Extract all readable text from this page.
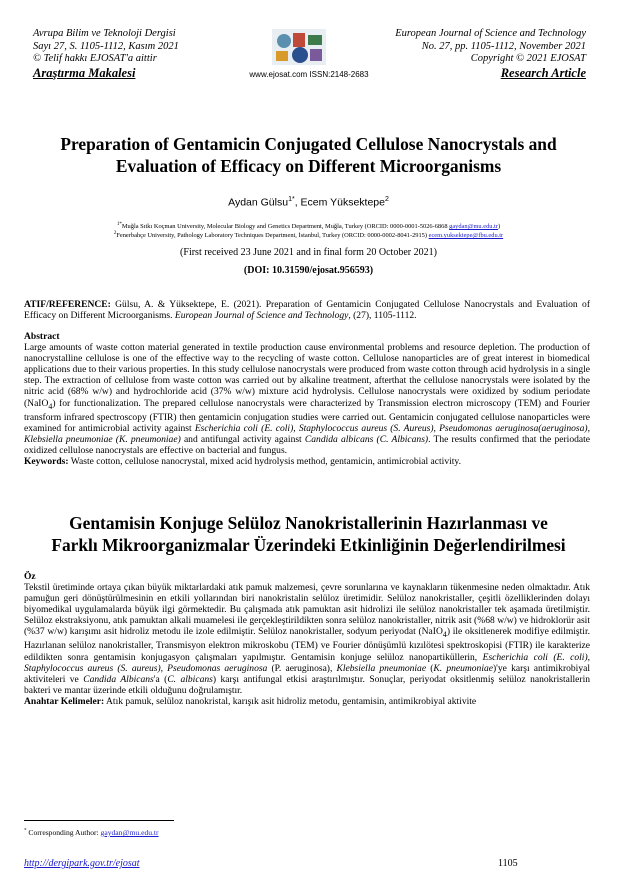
Avrupa Bilim ve Teknoloji Dergisi
Sayı 27, S. 1105-1112, Kasım 2021
© Telif hakkı EJOSAT'a aittir
Araştırma Makalesi
European Journal of Science and Technology
No. 27, pp. 1105-1112, November 2021
Copyright © 2021 EJOSAT
Research Article
www.ejosat.com ISSN:2148-2683
Preparation of Gentamicin Conjugated Cellulose Nanocrystals and
Evaluation of Efficacy on Different Microorganisms
Aydan Gülsu$^{1*}$, Ecem Yüksektepe$^2$
$^{1*}$Muğla Sıtkı Koçman University, Molecular Biology and Genetics Department, Muğla, Turkey (ORCID: 0000-0001-5026-6868 gaydan@mu.edu.tr)
$^2$Fenerbahçe University, Pathology Laboratory Techniques Department, İstanbul, Turkey (ORCID: 0000-0002-8041-2915) ecem.yuksektepe@fbu.edu.tr
(First received 23 June 2021 and in final form 20 October 2021)
(DOI: 10.31590/ejosat.956593)
ATIF/REFERENCE: Gülsu, A. & Yüksektepe, E. (2021). Preparation of Gentamicin Conjugated Cellulose Nanocrystals and Evaluation of Efficacy on Different Microorganisms. European Journal of Science and Technology, (27), 1105-1112.
Abstract
Large amounts of waste cotton material generated in textile production cause environmental problems and resource depletion. The production of nanocrystalline cellulose is one of the effective way to the recycling of waste cotton. Cellulose nanoparticles are of great interest in biomedical applications due to their various properties. In this study cellulose nanocrystals were produced from waste cotton through acid hydrolysis in a single step. The extraction of cellulose from waste cotton was carried out by alkaline treatment, afterthat the cellulose nanocrystals were isolated by the nitric acid (68% w/w) and hydrochloride acid (37% w/w) mixture acid hydrolysis. Cellulose nanocrystals were oxidized by sodium periodate (NaIO$_4$) for functionalization. The prepared cellulose nanocrystals were characterized by Transmission electron microscopy (TEM) and Fourier transform infrared spectroscopy (FTIR) then gentamicin conjugation studies were carried out. Gentamicin conjugated cellulose nanoparticles were examined for antimicrobial activity against Escherichia coli (E. coli), Staphylococcus aureus (S. Aureus), Pseudomonas aeruginosa(aeruginosa), Klebsiella pneumoniae (K. pneumoniae) and antifungal activity against Candida albicans (C. Albicans). The results confirmed that the periodate oxidized cellulose nanocrystals are effective on bacterial and fungus.
Keywords: Waste cotton, cellulose nanocrystal, mixed acid hydrolysis method, gentamicin, antimicrobial activity.
Gentamisin Konjuge Selüloz Nanokristallerinin Hazırlanması ve
Farklı Mikroorganizmalar Üzerindeki Etkinliğinin Değerlendirilmesi
Öz
Tekstil üretiminde ortaya çıkan büyük miktarlardaki atık pamuk malzemesi, çevre sorunlarına ve kaynakların tükenmesine neden olmaktadır. Atık pamuğun geri dönüştürülmesinin en etkili yollarından biri nanokristalin selüloz üretimidir. Selüloz nanokristaller, çeşitli özelliklerinden dolayı biyomedikal uygulamalarda büyük ilgi görmektedir. Bu çalışmada atık pamuktan asit hidrolizi ile selüloz nanokristaller tek aşamada üretilmiştir. Selüloz ekstraksiyonu, atık pamuktan alkali muamelesi ile gerçekleştirildikten sonra selüloz nanokristaller, nitrik asit (%68 w/w) ve hidroklorür asit (%37 w/w) karışımı asit hidroliz metodu ile izole edilmiştir. Selüloz nanokristaller, sodyum periyodat (NaIO$_4$) ile oksitlenerek modifiye edilmiştir. Hazırlanan selüloz nanokristaller, Transmisyon elektron mikroskobu (TEM) ve Fourier dönüşümlü kızılötesi spektroskopisi (FTIR) ile karakterize edildikten sonra gentamisin konjugasyon çalışmaları yapılmıştır. Gentamisin konjuge selüloz nanopartiküllerin, Escherichia coli (E. coli), Staphylococcus aureus (S. aureus), Pseudomonas aeruginosa (P. aeruginosa), Klebsiella pneumoniae (K. pneumoniae)'ye karşı antimikrobiyal aktiviteleri ve Candida Albicans'a (C. albicans) karşı antifungal etkisi araştırılmıştır. Sonuçlar, periyodat oksitlenmiş selüloz nanokristallerin bakteri ve mantar üzerinde etkili olduğunu doğrulamıştır.
Anahtar Kelimeler: Atık pamuk, selüloz nanokristal, karışık asit hidroliz metodu, gentamisin, antimikrobiyal aktivite
* Corresponding Author: gaydan@mu.edu.tr
http://dergipark.gov.tr/ejosat	1105
